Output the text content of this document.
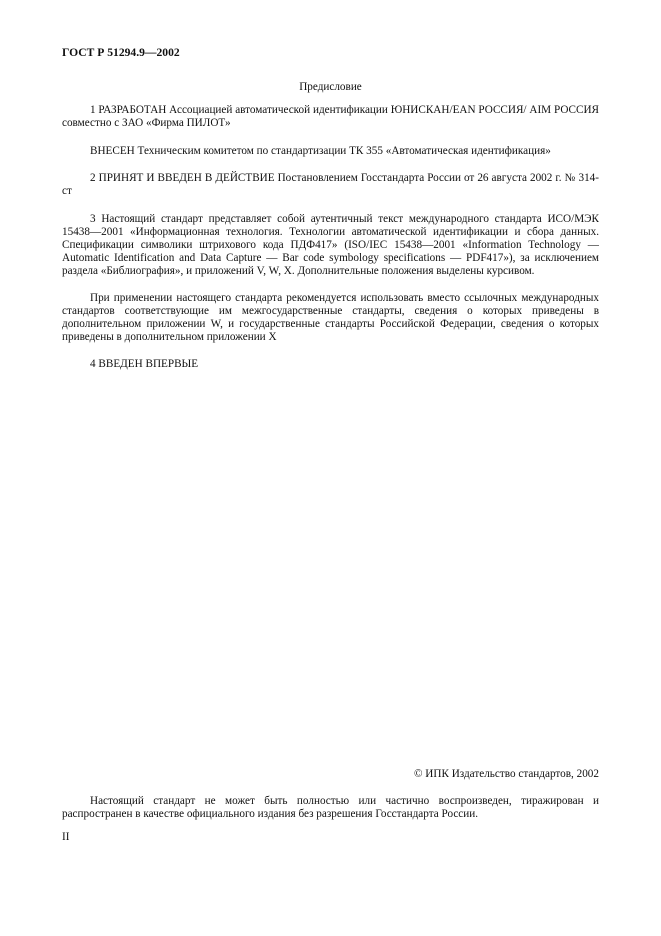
ГОСТ Р 51294.9—2002
Предисловие

1 РАЗРАБОТАН Ассоциацией автоматической идентификации ЮНИСКАН/EAN РОССИЯ/ AIM РОССИЯ совместно с ЗАО «Фирма ПИЛОТ»

ВНЕСЕН Техническим комитетом по стандартизации ТК 355 «Автоматическая идентификация»

2 ПРИНЯТ И ВВЕДЕН В ДЕЙСТВИЕ Постановлением Госстандарта России от 26 августа 2002 г. № 314-ст

3 Настоящий стандарт представляет собой аутентичный текст международного стандарта ИСО/МЭК 15438—2001 «Информационная технология. Технологии автоматической идентификации и сбора данных. Спецификации символики штрихового кода ПДФ417» (ISO/IEC 15438—2001 «Information Technology — Automatic Identification and Data Capture — Bar code symbology specifications — PDF417»), за исключением раздела «Библиография», и приложений V, W, X. Дополнительные положения выделены курсивом.

При применении настоящего стандарта рекомендуется использовать вместо ссылочных международных стандартов соответствующие им межгосударственные стандарты, сведения о которых приведены в дополнительном приложении W, и государственные стандарты Российской Федерации, сведения о которых приведены в дополнительном приложении X

4 ВВЕДЕН ВПЕРВЫЕ

© ИПК Издательство стандартов, 2002

Настоящий стандарт не может быть полностью или частично воспроизведен, тиражирован и распространен в качестве официального издания без разрешения Госстандарта России.

II
